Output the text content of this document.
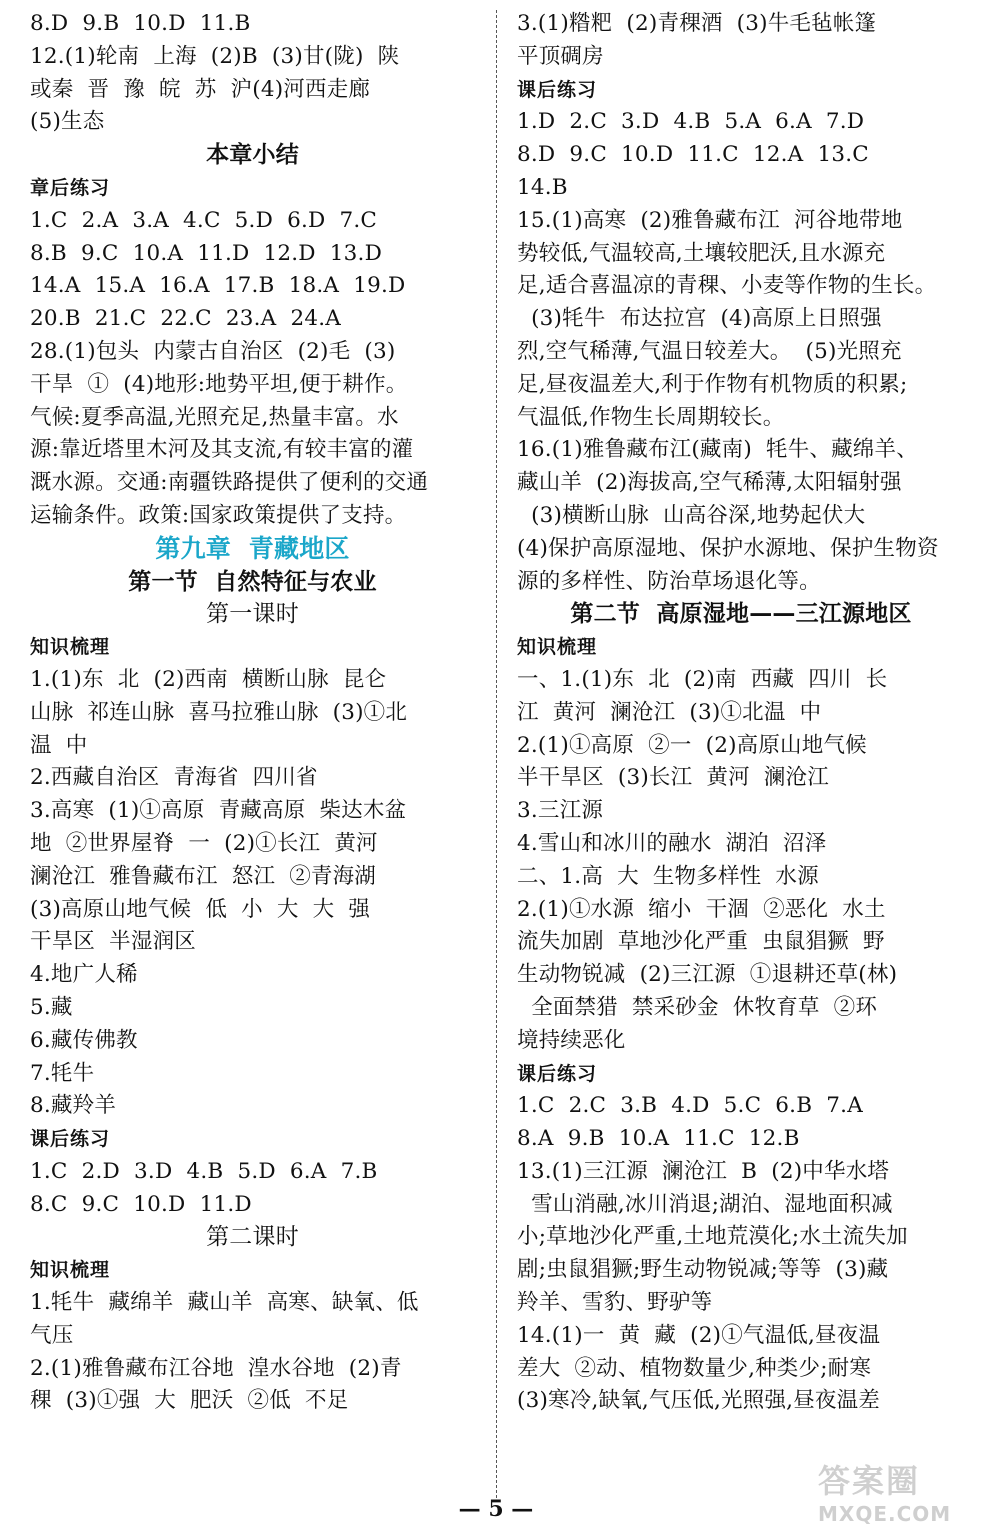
8.D  9.B  10.D  11.B
12.(1)轮南  上海  (2)B  (3)甘(陇)  陕
或秦  晋  豫  皖  苏  沪(4)河西走廊
(5)生态
本章小结
章后练习
1.C  2.A  3.A  4.C  5.D  6.D  7.C
8.B  9.C  10.A  11.D  12.D  13.D
14.A  15.A  16.A  17.B  18.A  19.D
20.B  21.C  22.C  23.A  24.A
28.(1)包头  内蒙古自治区  (2)毛  (3)
干旱  ①  (4)地形:地势平坦,便于耕作。
气候:夏季高温,光照充足,热量丰富。水
源:靠近塔里木河及其支流,有较丰富的灌
溉水源。交通:南疆铁路提供了便利的交通
运输条件。政策:国家政策提供了支持。
第九章  青藏地区
第一节  自然特征与农业
第一课时
知识梳理
1.(1)东  北  (2)西南  横断山脉  昆仑
山脉  祁连山脉  喜马拉雅山脉  (3)①北
温  中
2.西藏自治区  青海省  四川省
3.高寒  (1)①高原  青藏高原  柴达木盆
地  ②世界屋脊  一  (2)①长江  黄河
澜沧江  雅鲁藏布江  怒江  ②青海湖
(3)高原山地气候  低  小  大  大  强
干旱区  半湿润区
4.地广人稀
5.藏
6.藏传佛教
7.牦牛
8.藏羚羊
课后练习
1.C  2.D  3.D  4.B  5.D  6.A  7.B
8.C  9.C  10.D  11.D
第二课时
知识梳理
1.牦牛  藏绵羊  藏山羊  高寒、缺氧、低
气压
2.(1)雅鲁藏布江谷地  湟水谷地  (2)青
稞  (3)①强  大  肥沃  ②低  不足
3.(1)糌粑  (2)青稞酒  (3)牛毛毡帐篷
平顶碉房
课后练习
1.D  2.C  3.D  4.B  5.A  6.A  7.D
8.D  9.C  10.D  11.C  12.A  13.C
14.B
15.(1)高寒  (2)雅鲁藏布江  河谷地带地
势较低,气温较高,土壤较肥沃,且水源充
足,适合喜温凉的青稞、小麦等作物的生长。
(3)牦牛  布达拉宫  (4)高原上日照强
烈,空气稀薄,气温日较差大。  (5)光照充
足,昼夜温差大,利于作物有机物质的积累;
气温低,作物生长周期较长。
16.(1)雅鲁藏布江(藏南)  牦牛、藏绵羊、
藏山羊  (2)海拔高,空气稀薄,太阳辐射强
(3)横断山脉  山高谷深,地势起伏大
(4)保护高原湿地、保护水源地、保护生物资
源的多样性、防治草场退化等。
第二节  高原湿地——三江源地区
知识梳理
一、1.(1)东  北  (2)南  西藏  四川  长
江  黄河  澜沧江  (3)①北温  中
2.(1)①高原  ②一  (2)高原山地气候
半干旱区  (3)长江  黄河  澜沧江
3.三江源
4.雪山和冰川的融水  湖泊  沼泽
二、1.高  大  生物多样性  水源
2.(1)①水源  缩小  干涸  ②恶化  水土
流失加剧  草地沙化严重  虫鼠猖獗  野
生动物锐减  (2)三江源  ①退耕还草(林)
全面禁猎  禁采砂金  休牧育草  ②环
境持续恶化
课后练习
1.C  2.C  3.B  4.D  5.C  6.B  7.A
8.A  9.B  10.A  11.C  12.B
13.(1)三江源  澜沧江  B  (2)中华水塔
雪山消融,冰川消退;湖泊、湿地面积减
小;草地沙化严重,土地荒漠化;水土流失加
剧;虫鼠猖獗;野生动物锐减;等等  (3)藏
羚羊、雪豹、野驴等
14.(1)一  黄  藏  (2)①气温低,昼夜温
差大  ②动、植物数量少,种类少;耐寒
(3)寒冷,缺氧,气压低,光照强,昼夜温差
— 5 —
答案圈
MXQE.COM
